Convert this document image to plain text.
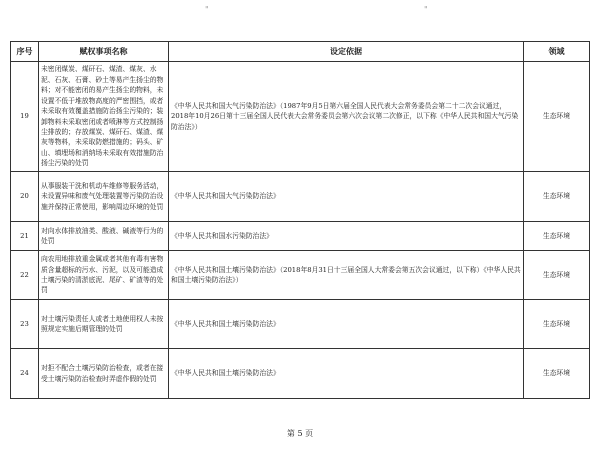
"	"
序号	赋权事项名称	设定依据	领域
19	未密闭煤炭、煤矸石、煤渣、煤灰、水泥、石灰、石膏、砂土等易产生扬尘的物料；对不能密闭的易产生扬尘的物料，未设置不低于堆放物高度的严密围挡，或者未采取有效覆盖措施防治扬尘污染的；装卸物料未采取密闭或者喷淋等方式控制扬尘排放的；存放煤炭、煤矸石、煤渣、煤灰等物料，未采取防燃措施的；码头、矿山、填埋场和消纳场未采取有效措施防治扬尘污染的处罚	《中华人民共和国大气污染防治法》（1987年9月5日第六届全国人民代表大会常务委员会第二十二次会议通过，2018年10月26日第十三届全国人民代表大会常务委员会第六次会议第二次修正，以下称《中华人民共和国大气污染防治法》）	生态环境
20	从事服装干洗和机动车维修等服务活动，未设置异味和废气处理装置等污染防治设施并保持正常使用，影响周边环境的处罚	《中华人民共和国大气污染防治法》	生态环境
21	对向水体排放油类、酸液、碱液等行为的处罚	《中华人民共和国水污染防治法》	生态环境
22	向农用地排放重金属或者其他有毒有害物质含量超标的污水、污泥，以及可能造成土壤污染的清淤底泥、尾矿、矿渣等的处罚	《中华人民共和国土壤污染防治法》（2018年8月31日十三届全国人大常委会第五次会议通过，以下称）《中华人民共和国土壤污染防治法》）	生态环境
23	对土壤污染责任人或者土地使用权人未按照规定实施后期管理的处罚	《中华人民共和国土壤污染防治法》	生态环境
24	对拒不配合土壤污染防治检查，或者在接受土壤污染防治检查时弄虚作假的处罚	《中华人民共和国土壤污染防治法》	生态环境
第 5 页
